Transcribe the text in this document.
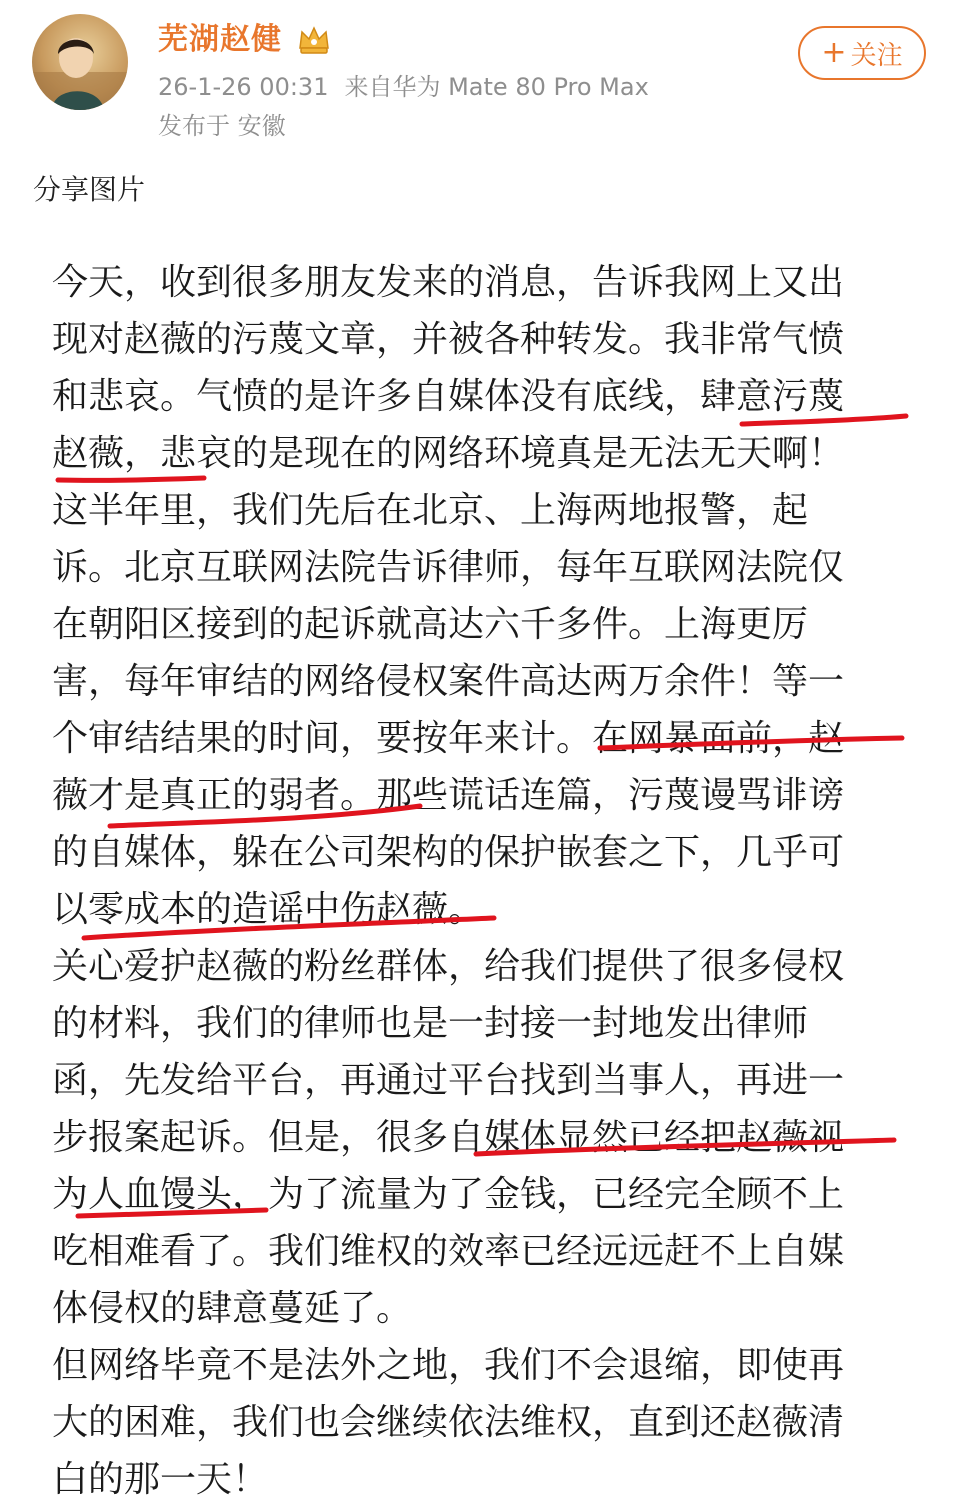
芜湖赵健
26-1-26 00:31 来自华为 Mate 80 Pro Max
发布于 安徽
+ 关注
分享图片
今天，收到很多朋友发来的消息，告诉我网上又出
现对赵薇的污蔑文章，并被各种转发。我非常气愤
和悲哀。气愤的是许多自媒体没有底线，肆意污蔑
赵薇，悲哀的是现在的网络环境真是无法无天啊！
这半年里，我们先后在北京、上海两地报警，起
诉。北京互联网法院告诉律师，每年互联网法院仅
在朝阳区接到的起诉就高达六千多件。上海更厉
害，每年审结的网络侵权案件高达两万余件！等一
个审结结果的时间，要按年来计。在网暴面前，赵
薇才是真正的弱者。那些谎话连篇，污蔑谩骂诽谤
的自媒体，躲在公司架构的保护嵌套之下，几乎可
以零成本的造谣中伤赵薇。
关心爱护赵薇的粉丝群体，给我们提供了很多侵权
的材料，我们的律师也是一封接一封地发出律师
函，先发给平台，再通过平台找到当事人，再进一
步报案起诉。但是，很多自媒体显然已经把赵薇视
为人血馒头，为了流量为了金钱，已经完全顾不上
吃相难看了。我们维权的效率已经远远赶不上自媒
体侵权的肆意蔓延了。
但网络毕竟不是法外之地，我们不会退缩，即使再
大的困难，我们也会继续依法维权，直到还赵薇清
白的那一天！
